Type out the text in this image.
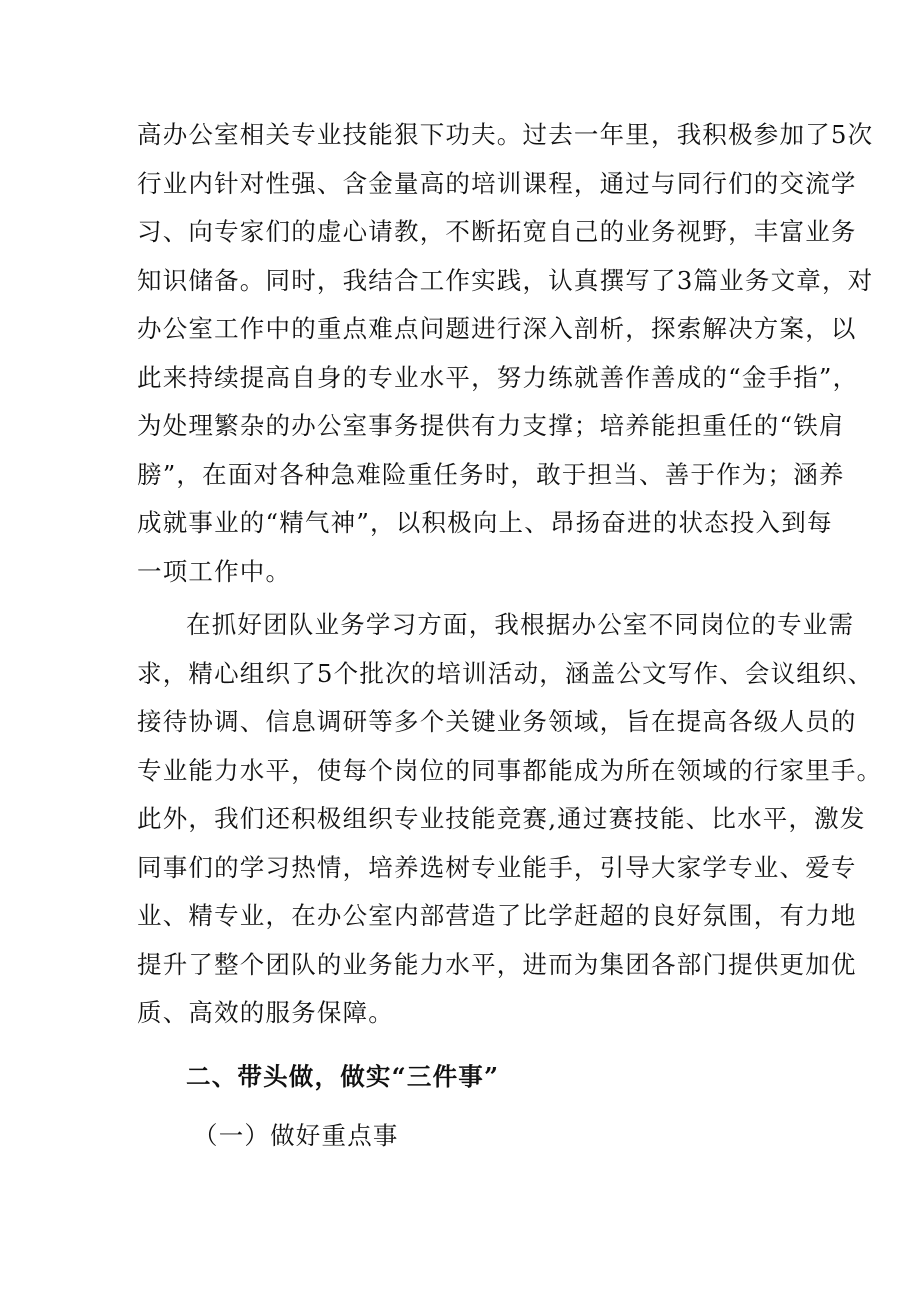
高办公室相关专业技能狠下功夫。过去一年里，我积极参加了5次
行业内针对性强、含金量高的培训课程，通过与同行们的交流学
习、向专家们的虚心请教，不断拓宽自己的业务视野，丰富业务
知识储备。同时，我结合工作实践，认真撰写了3篇业务文章，对
办公室工作中的重点难点问题进行深入剖析，探索解决方案，以
此来持续提高自身的专业水平，努力练就善作善成的“金手指”，
为处理繁杂的办公室事务提供有力支撑；培养能担重任的“铁肩
膀”，在面对各种急难险重任务时，敢于担当、善于作为；涵养
成就事业的“精气神”，以积极向上、昂扬奋进的状态投入到每
一项工作中。
在抓好团队业务学习方面，我根据办公室不同岗位的专业需
求，精心组织了5个批次的培训活动，涵盖公文写作、会议组织、
接待协调、信息调研等多个关键业务领域，旨在提高各级人员的
专业能力水平，使每个岗位的同事都能成为所在领域的行家里手。
此外，我们还积极组织专业技能竞赛,通过赛技能、比水平，激发
同事们的学习热情，培养选树专业能手，引导大家学专业、爱专
业、精专业，在办公室内部营造了比学赶超的良好氛围，有力地
提升了整个团队的业务能力水平，进而为集团各部门提供更加优
质、高效的服务保障。
二、带头做，做实“三件事”
（一）做好重点事
